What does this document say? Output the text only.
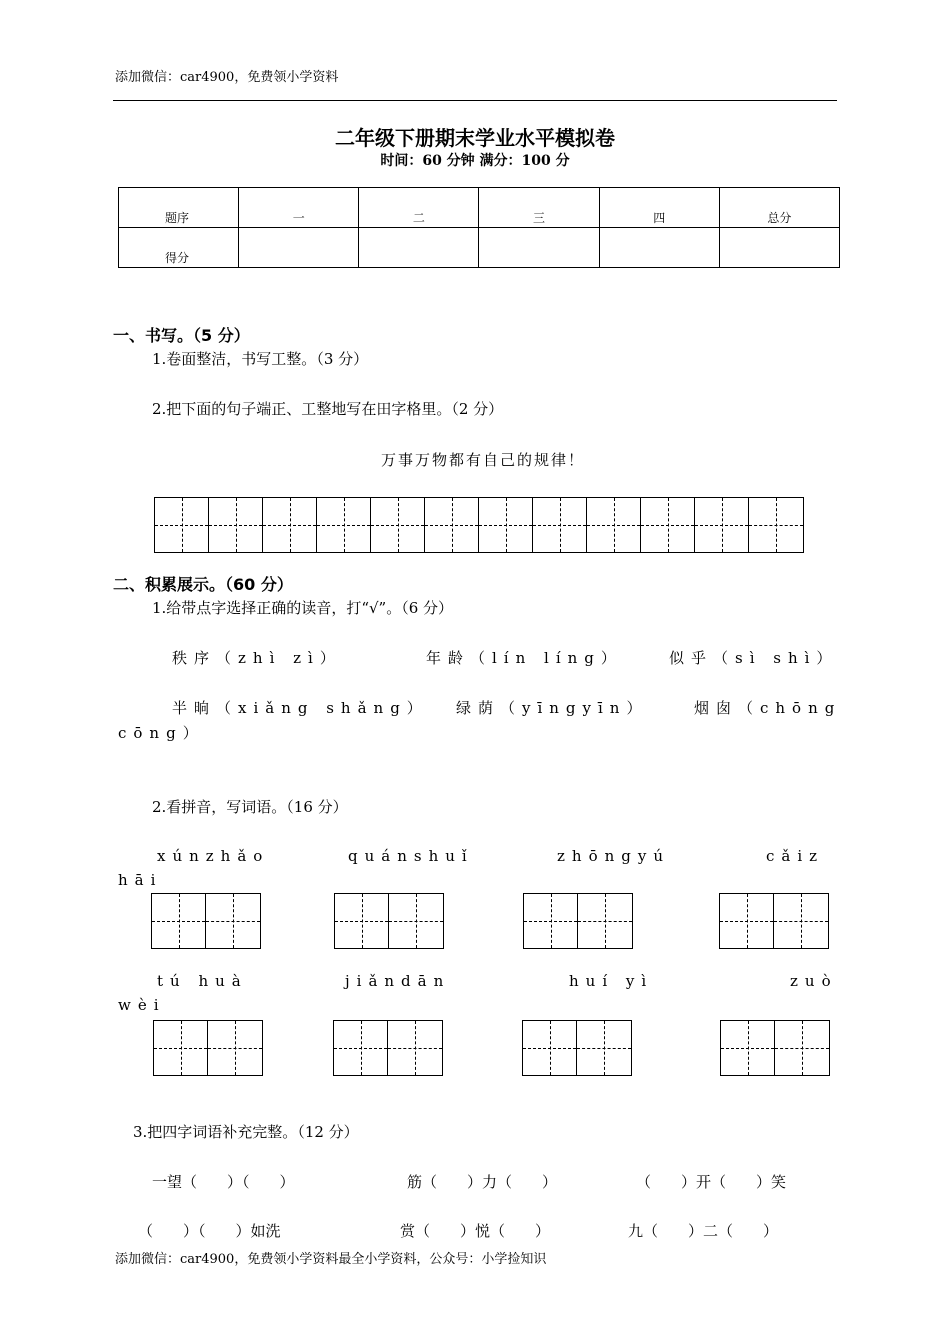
添加微信：car4900，免费领小学资料
二年级下册期末学业水平模拟卷
时间：60 分钟 满分：100 分
题序	一	二	三	四	总分
得分					
一、书写。（5 分）
1.卷面整洁，书写工整。（3 分）
2.把下面的句子端正、工整地写在田字格里。（2 分）
万事万物都有自己的规律！
二、积累展示。（60 分）
1.给带点字选择正确的读音，打“√”。（6 分）
秩序（zhì zì）	年龄（lín líng）	似乎（sì shì）
半晌（xiǎng shǎng） 绿荫（yīngyīn）	烟囱（chōng
cōng）
2.看拼音，写词语。（16 分）
xúnzhǎo	quánshuǐ	zhōngyú	cǎiz
hāi
tú huà	jiǎndān	huí yì	zuò
wèi
3.把四字词语补充完整。（12 分）
一望（　　）（　　）	筋（　　）力（　　）	（　　）开（　　）笑
（　　）（　　）如洗	赏（　　）悦（　　）	九（　　）二（　　）
添加微信：car4900，免费领小学资料最全小学资料，公众号：小学捡知识
